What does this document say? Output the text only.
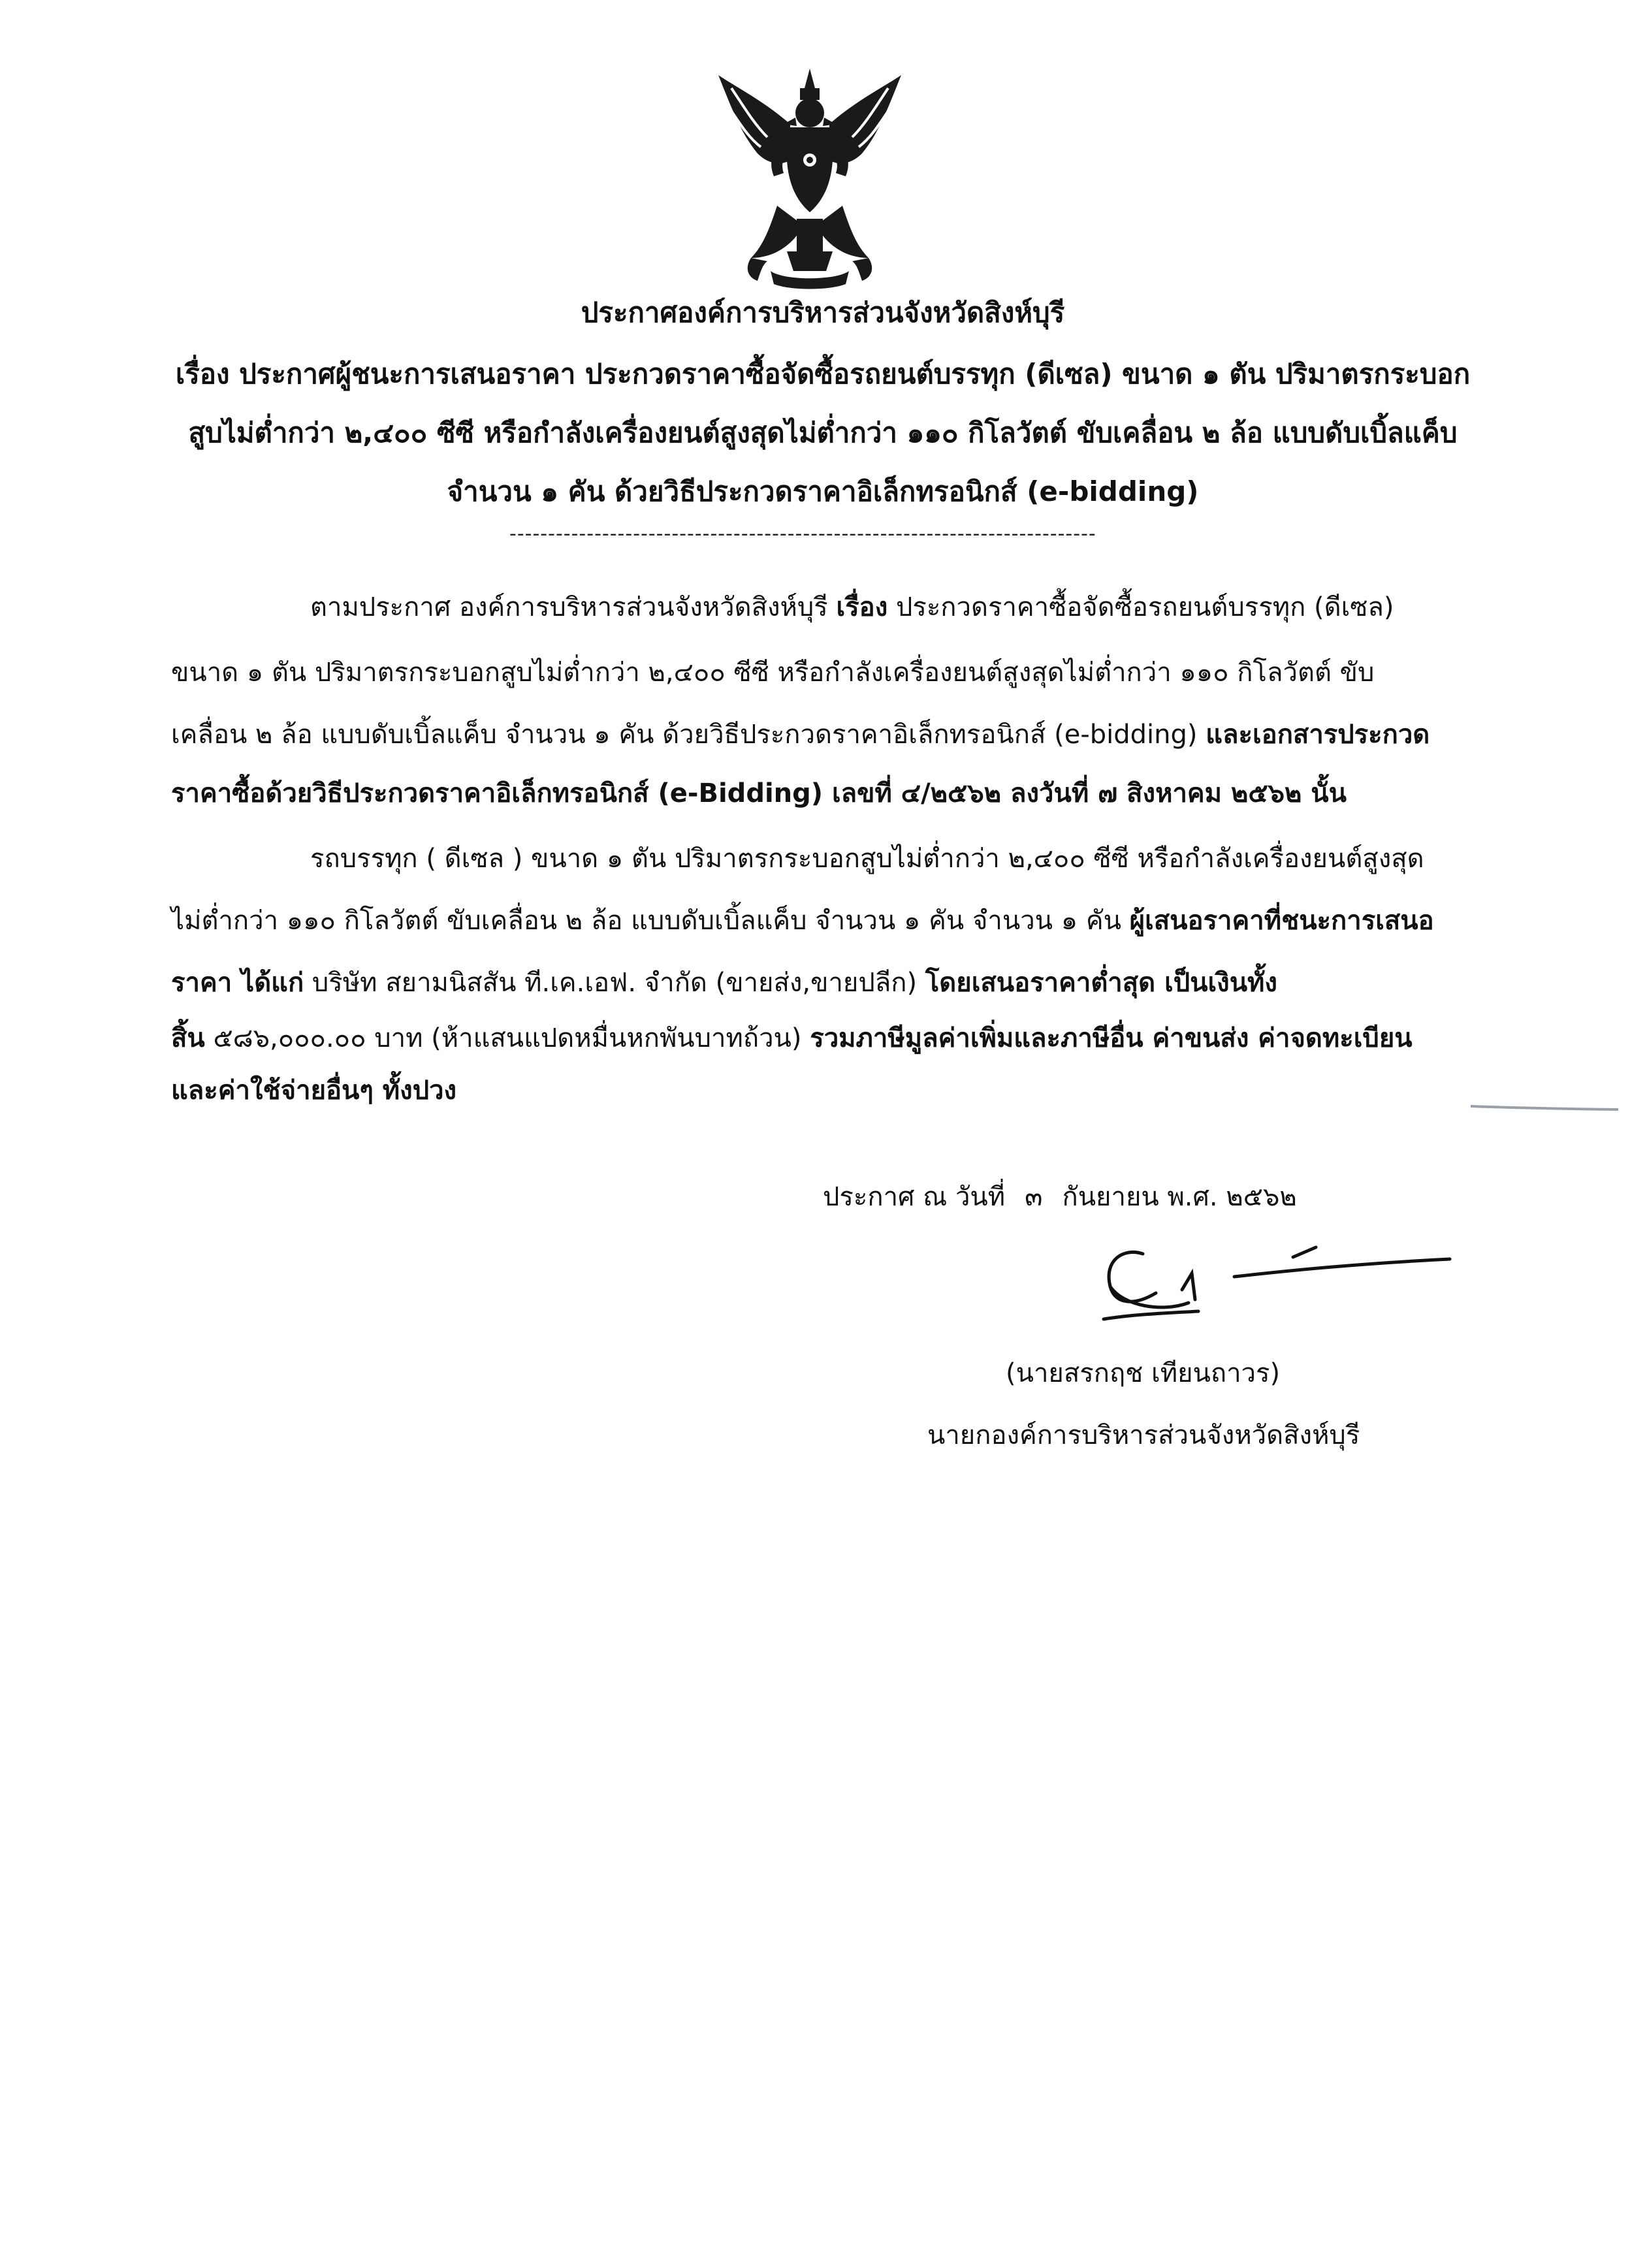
ประกาศองค์การบริหารส่วนจังหวัดสิงห์บุรี
เรื่อง ประกาศผู้ชนะการเสนอราคา ประกวดราคาซื้อจัดซื้อรถยนต์บรรทุก (ดีเซล) ขนาด ๑ ตัน ปริมาตรกระบอก
สูบไม่ต่ำกว่า ๒,๔๐๐ ซีซี หรือกำลังเครื่องยนต์สูงสุดไม่ต่ำกว่า ๑๑๐ กิโลวัตต์ ขับเคลื่อน ๒ ล้อ แบบดับเบิ้ลแค็บ
จำนวน ๑ คัน ด้วยวิธีประกวดราคาอิเล็กทรอนิกส์ (e-bidding)
----------------------------------------------------------------------------
ตามประกาศ องค์การบริหารส่วนจังหวัดสิงห์บุรี เรื่อง ประกวดราคาซื้อจัดซื้อรถยนต์บรรทุก (ดีเซล)
ขนาด ๑ ตัน ปริมาตรกระบอกสูบไม่ต่ำกว่า ๒,๔๐๐ ซีซี หรือกำลังเครื่องยนต์สูงสุดไม่ต่ำกว่า ๑๑๐ กิโลวัตต์ ขับ
เคลื่อน ๒ ล้อ แบบดับเบิ้ลแค็บ จำนวน ๑ คัน ด้วยวิธีประกวดราคาอิเล็กทรอนิกส์ (e-bidding) และเอกสารประกวด
ราคาซื้อด้วยวิธีประกวดราคาอิเล็กทรอนิกส์ (e-Bidding) เลขที่ ๔/๒๕๖๒ ลงวันที่ ๗ สิงหาคม ๒๕๖๒ นั้น
รถบรรทุก ( ดีเซล ) ขนาด ๑ ตัน ปริมาตรกระบอกสูบไม่ต่ำกว่า ๒,๔๐๐ ซีซี หรือกำลังเครื่องยนต์สูงสุด
ไม่ต่ำกว่า ๑๑๐ กิโลวัตต์ ขับเคลื่อน ๒ ล้อ แบบดับเบิ้ลแค็บ จำนวน ๑ คัน จำนวน ๑ คัน ผู้เสนอราคาที่ชนะการเสนอ
ราคา ได้แก่ บริษัท สยามนิสสัน ที.เค.เอฟ. จำกัด (ขายส่ง,ขายปลีก) โดยเสนอราคาต่ำสุด เป็นเงินทั้ง
สิ้น ๕๘๖,๐๐๐.๐๐ บาท (ห้าแสนแปดหมื่นหกพันบาทถ้วน) รวมภาษีมูลค่าเพิ่มและภาษีอื่น ค่าขนส่ง ค่าจดทะเบียน
และค่าใช้จ่ายอื่นๆ ทั้งปวง
ประกาศ ณ วันที่ ๓ กันยายน พ.ศ. ๒๕๖๒
(นายสรกฤช เทียนถาวร)
นายกองค์การบริหารส่วนจังหวัดสิงห์บุรี
